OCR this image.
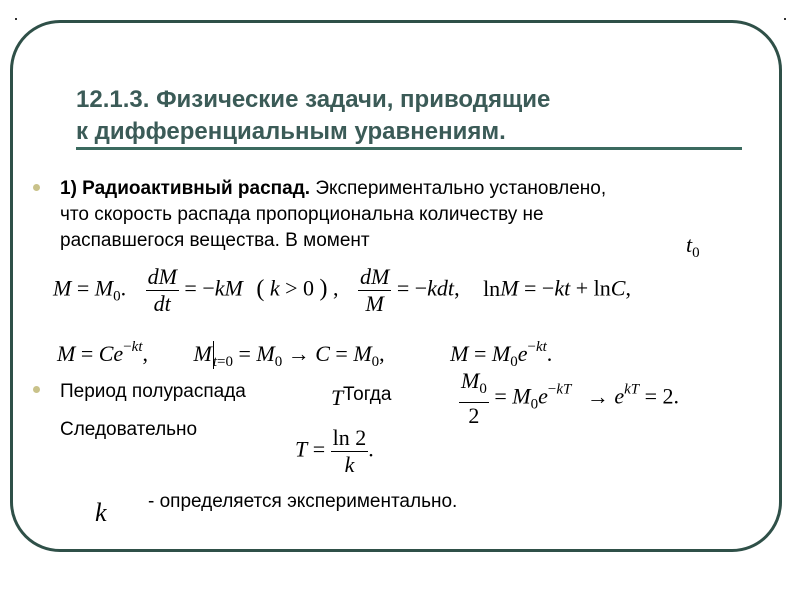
12.1.3. Физические задачи, приводящие
к дифференциальным уравнениям.
1) Радиоактивный распад. Экспериментально установлено,
что скорость распада пропорциональна количеству не
распавшегося вещества. В момент	$t_0$
$M = M_0$. $\frac{dM}{dt} = -kM$ ( k > 0 ) , $\frac{dM}{M} = -kdt$, lnM = −kt + lnC,
$M = Ce^{-kt}$, $M_{t=0} = M_0 \to C = M_0$,	$M = M_0e^{-kt}$.
Период полураспада	T Тогда	$\frac{M_0}{2} = M_0e^{-kT} \to e^{kT} = 2$.
Следовательно
$T = \frac{\ln 2}{k}$ .
k - определяется экспериментально.
